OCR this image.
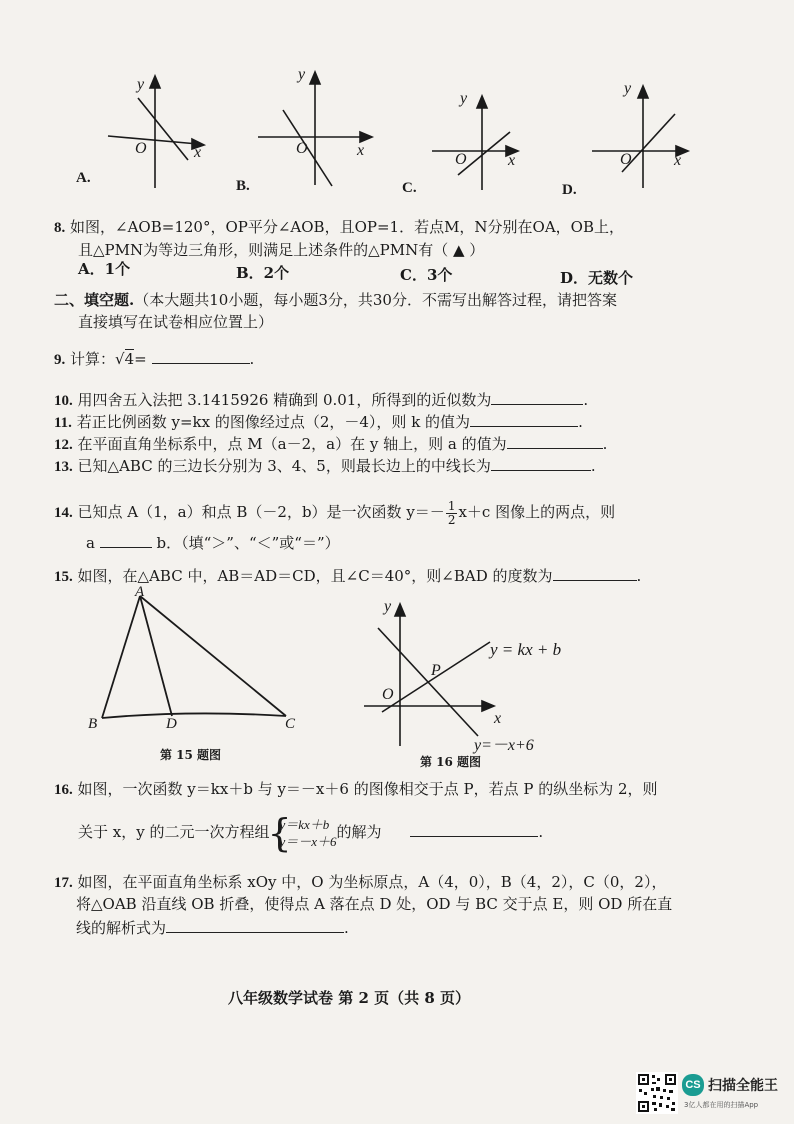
y
O	x
A.
y
O	x
B.
y
O	x
C.
y
O	x
D.
8. 如图，∠AOB=120°，OP平分∠AOB，且OP=1．若点M，N分别在OA，OB上，
且△PMN为等边三角形，则满足上述条件的△PMN有（ ▲ ）
A．1个	B．2个	C．3个	D．无数个
二、填空题.（本大题共10小题，每小题3分，共30分．不需写出解答过程，请把答案
直接填写在试卷相应位置上）
9. 计算：√4=	.
10. 用四舍五入法把 3.1415926 精确到 0.01，所得到的近似数为	.
11. 若正比例函数 y=kx 的图像经过点（2，－4），则 k 的值为	.
12. 在平面直角坐标系中，点 M（a－2，a）在 y 轴上，则 a 的值为	.
13. 已知△ABC 的三边长分别为 3、4、5，则最长边上的中线长为	.
14. 已知点 A（1，a）和点 B（－2，b）是一次函数 $y=- \frac{1}{2} x+c$ 图像上的两点，则
a	b．（填“＞”、“＜”或“＝”）
15. 如图，在△ABC 中，AB＝AD＝CD，且∠C＝40°，则∠BAD 的度数为	.
A
B	D	C
第 15 题图
y
O
x
P
y = kx + b
y=－x+6
第 16 题图
16. 如图，一次函数 y＝kx＋b 与 y＝－x＋6 的图像相交于点 P，若点 P 的纵坐标为 2，则
关于 x，y 的二元一次方程组
{
y＝kx＋b
y＝－x＋6
的解为	.
17. 如图，在平面直角坐标系 xOy 中，O 为坐标原点，A（4，0），B（4，2），C（0，2），
将△OAB 沿直线 OB 折叠，使得点 A 落在点 D 处，OD 与 BC 交于点 E，则 OD 所在直
线的解析式为	.
八年级数学试卷 第 2 页（共 8 页）
CS 扫描全能王
3亿人都在用的扫描App
